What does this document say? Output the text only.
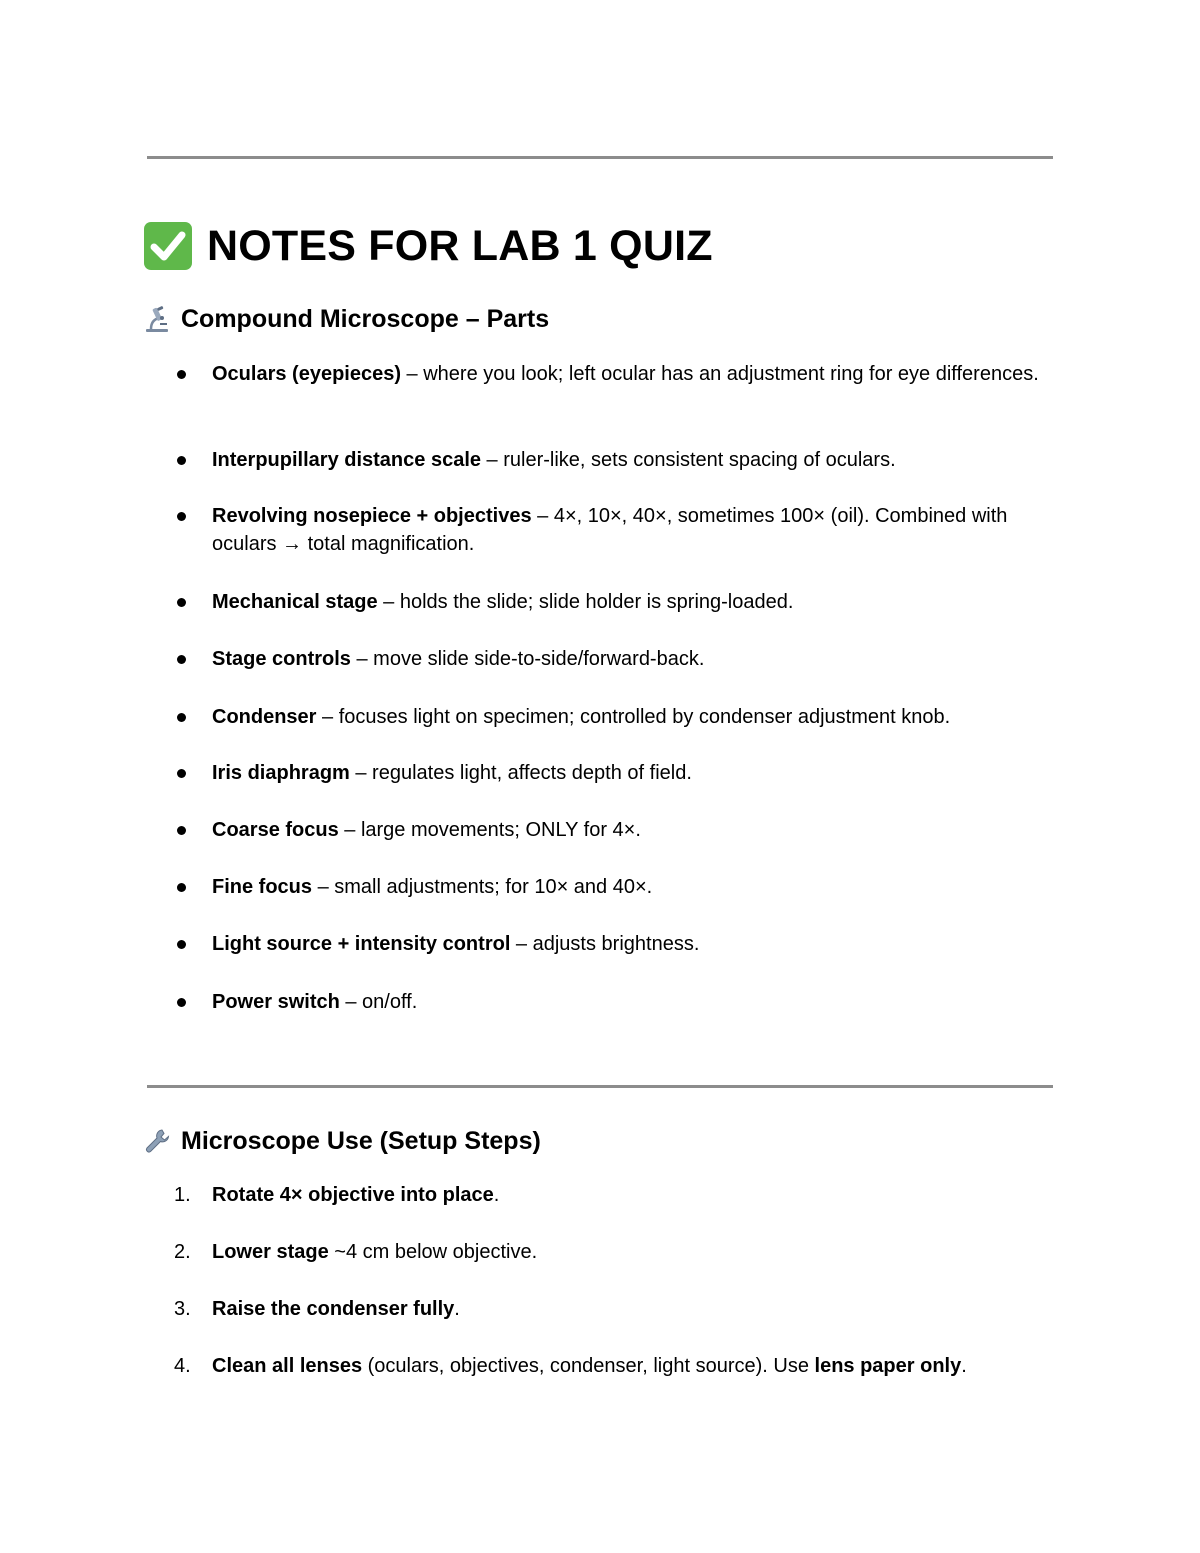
NOTES FOR LAB 1 QUIZ
Compound Microscope – Parts
Oculars (eyepieces) – where you look; left ocular has an adjustment ring for eye differences.
Interpupillary distance scale – ruler-like, sets consistent spacing of oculars.
Revolving nosepiece + objectives – 4×, 10×, 40×, sometimes 100× (oil). Combined with oculars → total magnification.
Mechanical stage – holds the slide; slide holder is spring-loaded.
Stage controls – move slide side-to-side/forward-back.
Condenser – focuses light on specimen; controlled by condenser adjustment knob.
Iris diaphragm – regulates light, affects depth of field.
Coarse focus – large movements; ONLY for 4×.
Fine focus – small adjustments; for 10× and 40×.
Light source + intensity control – adjusts brightness.
Power switch – on/off.
Microscope Use (Setup Steps)
1.	Rotate 4× objective into place.
2.	Lower stage ~4 cm below objective.
3.	Raise the condenser fully.
4.	Clean all lenses (oculars, objectives, condenser, light source). Use lens paper only.
